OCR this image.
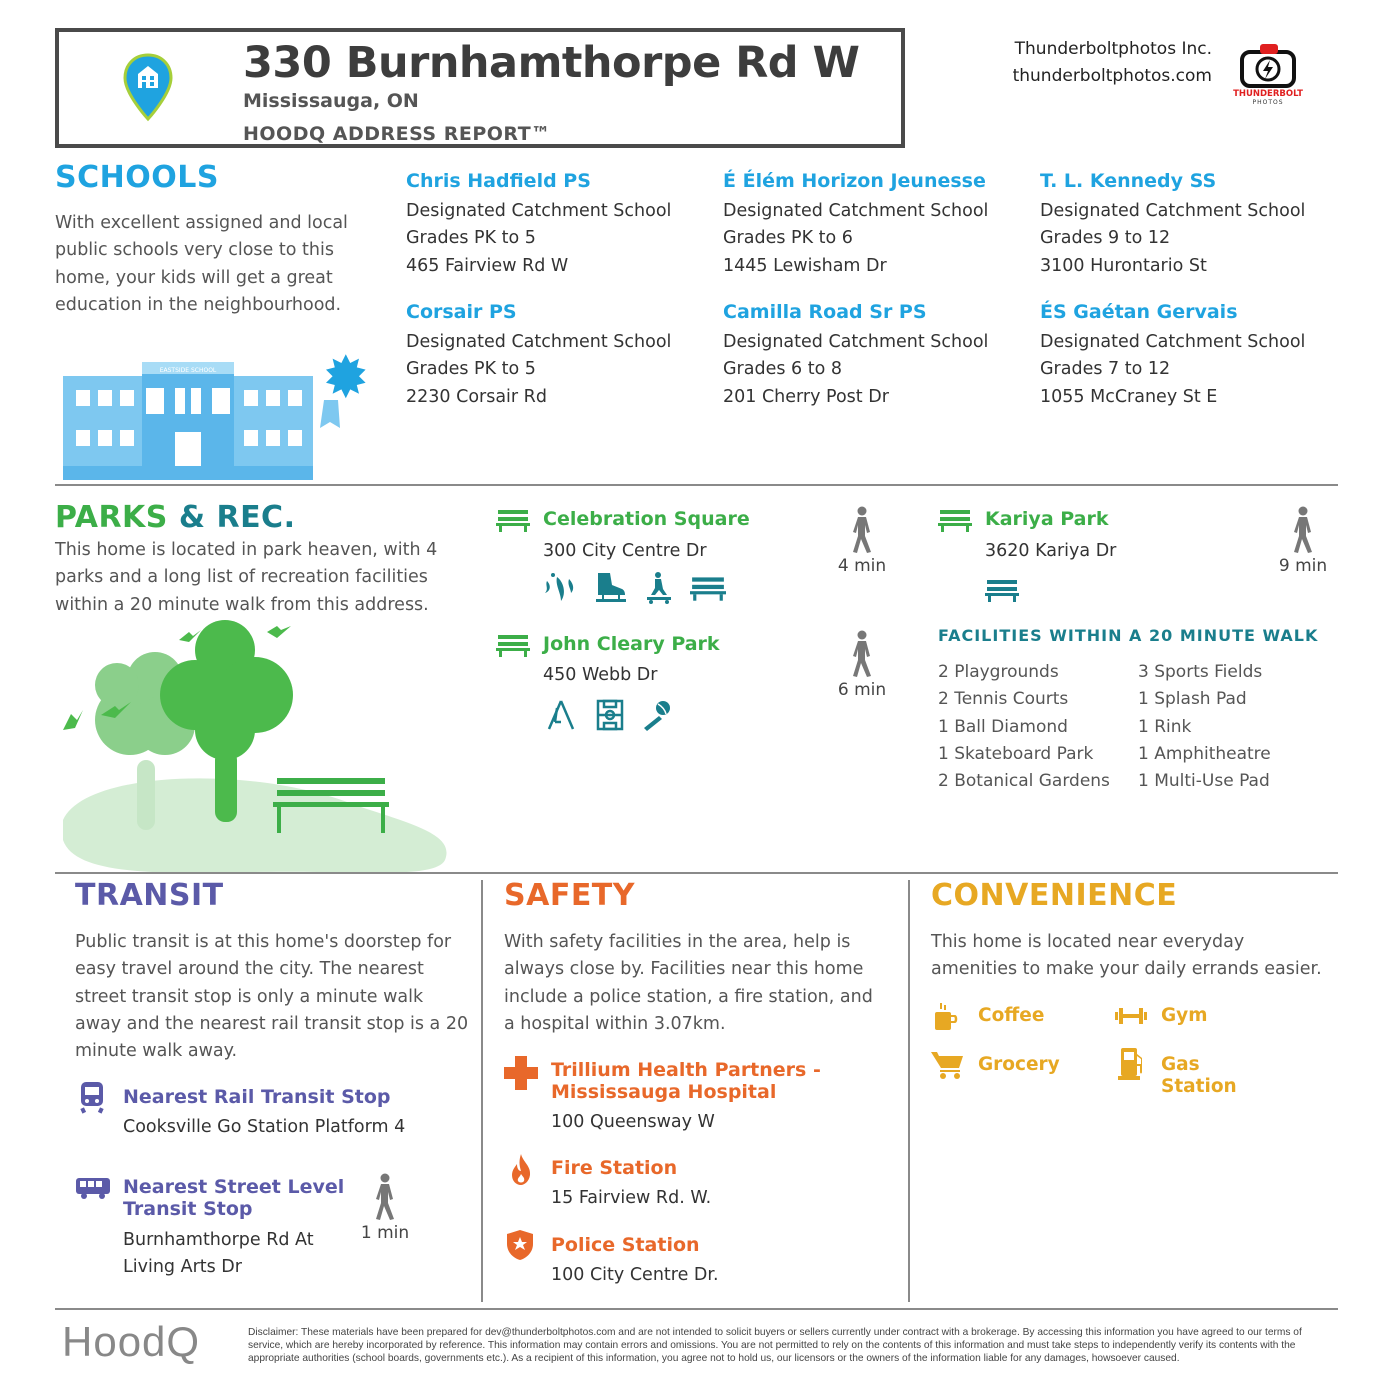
330 Burnhamthorpe Rd W
Mississauga, ON
HOODQ ADDRESS REPORT™
Thunderboltphotos Inc.
thunderboltphotos.com
THUNDERBOLT
PHOTOS
SCHOOLS
With excellent assigned and local public schools very close to this home, your kids will get a great education in the neighbourhood.
EASTSIDE SCHOOL
Chris Hadfield PS
Designated Catchment School
Grades PK to 5
465 Fairview Rd W
É Élém Horizon Jeunesse
Designated Catchment School
Grades PK to 6
1445 Lewisham Dr
T. L. Kennedy SS
Designated Catchment School
Grades 9 to 12
3100 Hurontario St
Corsair PS
Designated Catchment School
Grades PK to 5
2230 Corsair Rd
Camilla Road Sr PS
Designated Catchment School
Grades 6 to 8
201 Cherry Post Dr
ÉS Gaétan Gervais
Designated Catchment School
Grades 7 to 12
1055 McCraney St E
PARKS & REC.
This home is located in park heaven, with 4 parks and a long list of recreation facilities within a 20 minute walk from this address.
Celebration Square
300 City Centre Dr

4 min
John Cleary Park
450 Webb Dr

6 min
Kariya Park
3620 Kariya Dr
9 min
FACILITIES WITHIN A 20 MINUTE WALK
2 Playgrounds
2 Tennis Courts
1 Ball Diamond
1 Skateboard Park
2 Botanical Gardens
3 Sports Fields
1 Splash Pad
1 Rink
1 Amphitheatre
1 Multi-Use Pad
TRANSIT
Public transit is at this home's doorstep for easy travel around the city. The nearest street transit stop is only a minute walk away and the nearest rail transit stop is a 20 minute walk away.
Nearest Rail Transit Stop
Cooksville Go Station Platform 4
Nearest Street Level
Transit Stop
Burnhamthorpe Rd At
Living Arts Dr
1 min
SAFETY
With safety facilities in the area, help is always close by. Facilities near this home include a police station, a fire station, and a hospital within 3.07km.
Trillium Health Partners -
Mississauga Hospital
100 Queensway W
Fire Station
15 Fairview Rd. W.
Police Station
100 City Centre Dr.
CONVENIENCE
This home is located near everyday amenities to make your daily errands easier.
Coffee	Gym
Grocery	Gas
Station
HoodQ	Disclaimer: These materials have been prepared for dev@thunderboltphotos.com and are not intended to solicit buyers or sellers currently under contract with a brokerage. By accessing this information you have agreed to our terms of service, which are hereby incorporated by reference. This information may contain errors and omissions. You are not permitted to rely on the contents of this information and must take steps to independently verify its contents with the appropriate authorities (school boards, governments etc.). As a recipient of this information, you agree not to hold us, our licensors or the owners of the information liable for any damages, howsoever caused.
